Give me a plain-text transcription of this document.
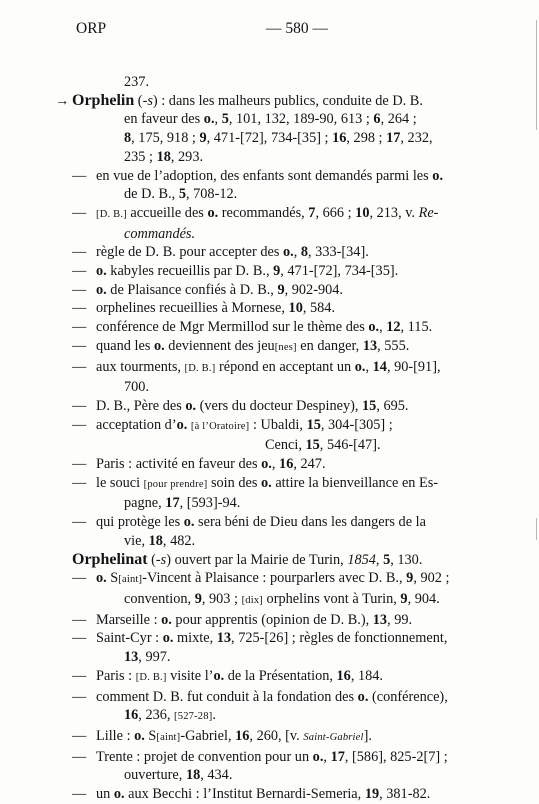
ORP	— 580 —
237.
→ Orphelin (-s) : dans les malheurs publics, conduite de D. B.
en faveur des o., 5, 101, 132, 189-90, 613 ; 6, 264 ;
8, 175, 918 ; 9, 471-[72], 734-[35] ; 16, 298 ; 17, 232,
235 ; 18, 293.
— en vue de l’adoption, des enfants sont demandés parmi les o.
de D. B., 5, 708-12.
— [D. B.] accueille des o. recommandés, 7, 666 ; 10, 213, v. Re-
commandés.
— règle de D. B. pour accepter des o., 8, 333-[34].
— o. kabyles recueillis par D. B., 9, 471-[72], 734-[35].
— o. de Plaisance confiés à D. B., 9, 902-904.
— orphelines recueillies à Mornese, 10, 584.
— conférence de Mgr Mermillod sur le thème des o., 12, 115.
— quand les o. deviennent des jeu[nes] en danger, 13, 555.
— aux tourments, [D. B.] répond en acceptant un o., 14, 90-[91],
700.
— D. B., Père des o. (vers du docteur Despiney), 15, 695.
— acceptation d’o. [à l’Oratoire] : Ubaldi, 15, 304-[305] ;
Cenci, 15, 546-[47].
— Paris : activité en faveur des o., 16, 247.
— le souci [pour prendre] soin des o. attire la bienveillance en Es-
pagne, 17, [593]-94.
— qui protège les o. sera béni de Dieu dans les dangers de la
vie, 18, 482.
Orphelinat (-s) ouvert par la Mairie de Turin, 1854, 5, 130.
— o. S[aint]-Vincent à Plaisance : pourparlers avec D. B., 9, 902 ;
convention, 9, 903 ; [dix] orphelins vont à Turin, 9, 904.
— Marseille : o. pour apprentis (opinion de D. B.), 13, 99.
— Saint-Cyr : o. mixte, 13, 725-[26] ; règles de fonctionnement,
13, 997.
— Paris : [D. B.] visite l’o. de la Présentation, 16, 184.
— comment D. B. fut conduit à la fondation des o. (conférence),
16, 236, [527-28].
— Lille : o. S[aint]-Gabriel, 16, 260, [v. Saint-Gabriel].
— Trente : projet de convention pour un o., 17, [586], 825-2[7] ;
ouverture, 18, 434.
— un o. aux Becchi : l’Institut Bernardi-Semeria, 19, 381-82.
